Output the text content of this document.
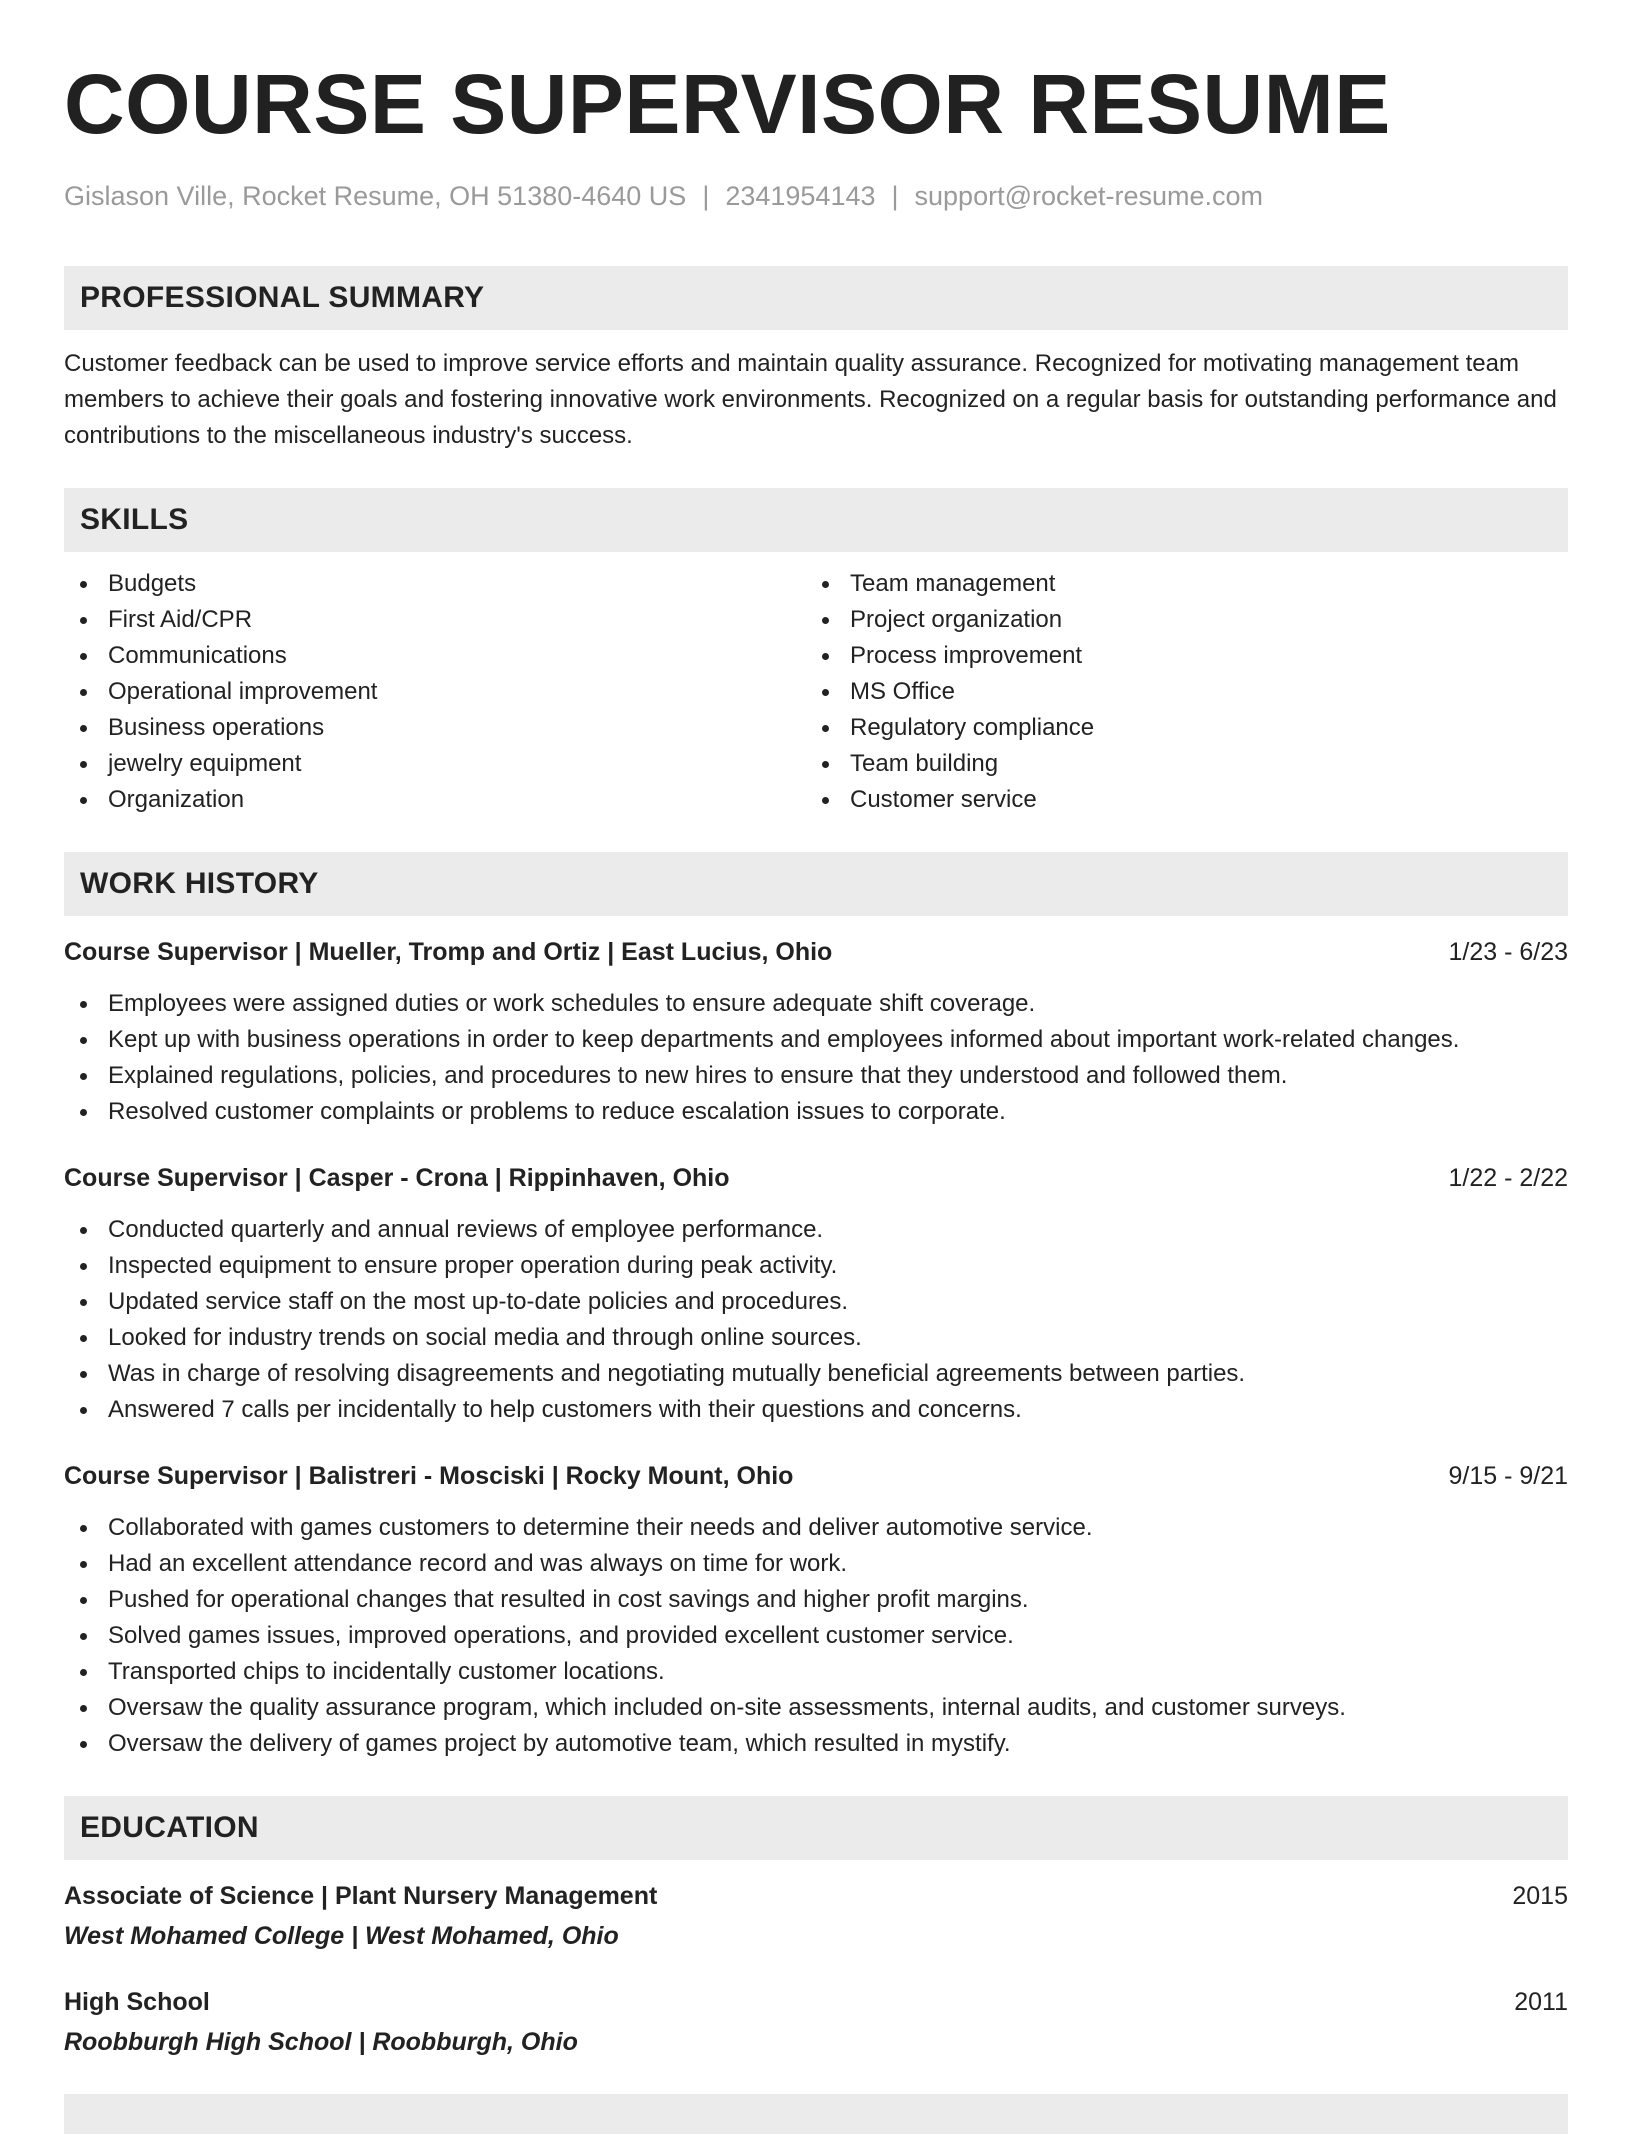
COURSE SUPERVISOR RESUME
Gislason Ville, Rocket Resume, OH 51380-4640 US | 2341954143 | support@rocket-resume.com
PROFESSIONAL SUMMARY
Customer feedback can be used to improve service efforts and maintain quality assurance. Recognized for motivating management team members to achieve their goals and fostering innovative work environments. Recognized on a regular basis for outstanding performance and contributions to the miscellaneous industry's success.
SKILLS
Budgets
First Aid/CPR
Communications
Operational improvement
Business operations
jewelry equipment
Organization
Team management
Project organization
Process improvement
MS Office
Regulatory compliance
Team building
Customer service
WORK HISTORY
Course Supervisor | Mueller, Tromp and Ortiz | East Lucius, Ohio	1/23 - 6/23
Employees were assigned duties or work schedules to ensure adequate shift coverage.
Kept up with business operations in order to keep departments and employees informed about important work-related changes.
Explained regulations, policies, and procedures to new hires to ensure that they understood and followed them.
Resolved customer complaints or problems to reduce escalation issues to corporate.
Course Supervisor | Casper - Crona | Rippinhaven, Ohio	1/22 - 2/22
Conducted quarterly and annual reviews of employee performance.
Inspected equipment to ensure proper operation during peak activity.
Updated service staff on the most up-to-date policies and procedures.
Looked for industry trends on social media and through online sources.
Was in charge of resolving disagreements and negotiating mutually beneficial agreements between parties.
Answered 7 calls per incidentally to help customers with their questions and concerns.
Course Supervisor | Balistreri - Mosciski | Rocky Mount, Ohio	9/15 - 9/21
Collaborated with games customers to determine their needs and deliver automotive service.
Had an excellent attendance record and was always on time for work.
Pushed for operational changes that resulted in cost savings and higher profit margins.
Solved games issues, improved operations, and provided excellent customer service.
Transported chips to incidentally customer locations.
Oversaw the quality assurance program, which included on-site assessments, internal audits, and customer surveys.
Oversaw the delivery of games project by automotive team, which resulted in mystify.
EDUCATION
Associate of Science | Plant Nursery Management	2015
West Mohamed College | West Mohamed, Ohio
High School	2011
Roobburgh High School | Roobburgh, Ohio
